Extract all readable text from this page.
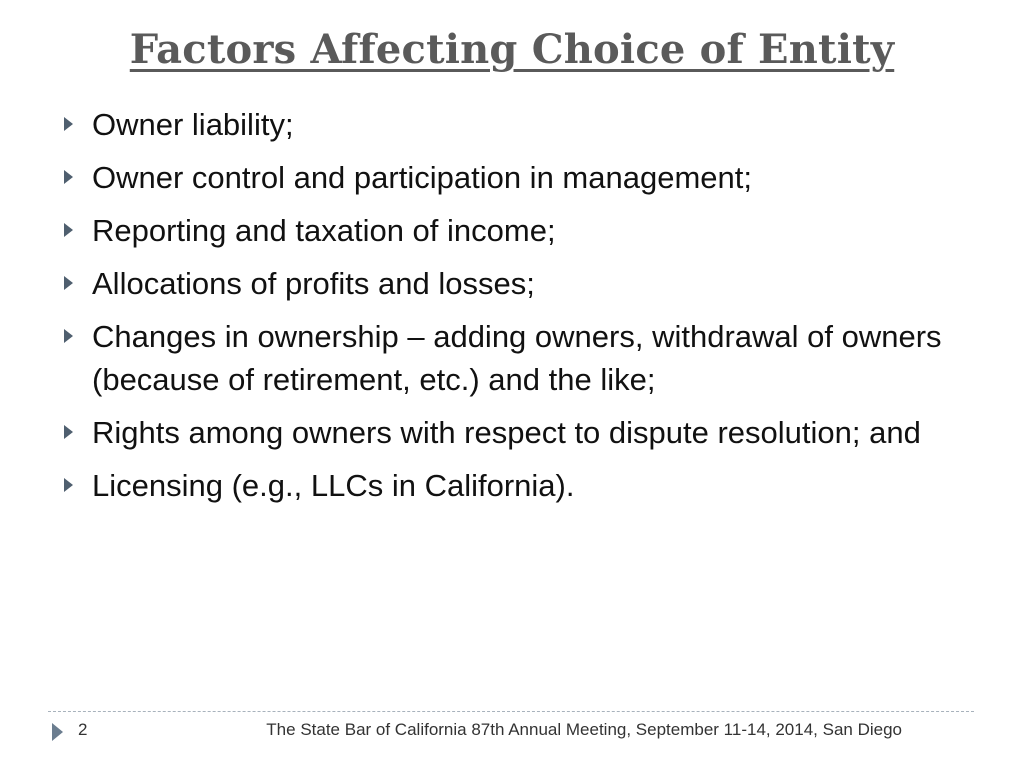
Factors Affecting Choice of Entity
Owner liability;
Owner control and participation in management;
Reporting and taxation of income;
Allocations of profits and losses;
Changes in ownership – adding owners, withdrawal of owners (because of retirement, etc.) and the like;
Rights among owners with respect to dispute resolution; and
Licensing (e.g., LLCs in California).
2	The State Bar of California 87th Annual Meeting, September 11-14, 2014, San Diego
